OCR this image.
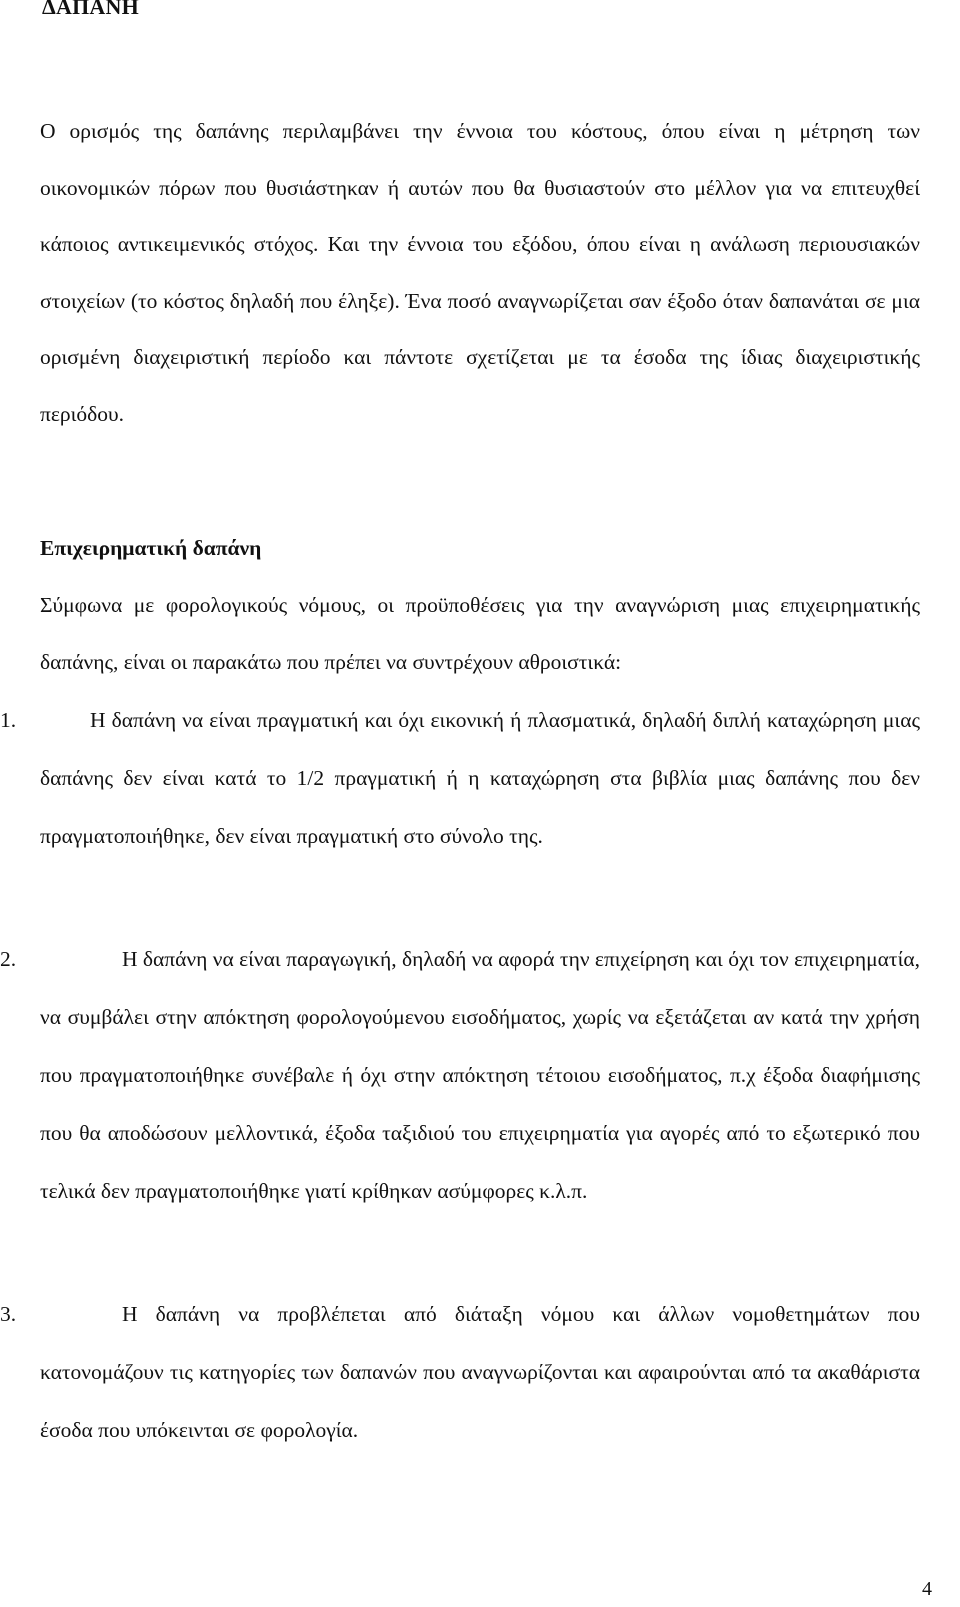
ΔΑΠΑΝΗ

Ο ορισμός της δαπάνης περιλαμβάνει την έννοια του κόστους, όπου είναι η μέτρηση των οικονομικών πόρων που θυσιάστηκαν ή αυτών που θα θυσιαστούν στο μέλλον για να επιτευχθεί κάποιος αντικειμενικός στόχος. Και την έννοια του εξόδου, όπου είναι η ανάλωση περιουσιακών στοιχείων (το κόστος δηλαδή που έληξε). Ένα ποσό αναγνωρίζεται σαν έξοδο όταν δαπανάται σε μια ορισμένη διαχειριστική περίοδο και πάντοτε σχετίζεται με τα έσοδα της ίδιας διαχειριστικής περιόδου.

Επιχειρηματική δαπάνη

Σύμφωνα με φορολογικούς νόμους, οι προϋποθέσεις για την αναγνώριση μιας επιχειρηματικής δαπάνης, είναι οι παρακάτω που πρέπει να συντρέχουν αθροιστικά:

1.	Η δαπάνη να είναι πραγματική και όχι εικονική ή πλασματικά, δηλαδή διπλή καταχώρηση μιας δαπάνης δεν είναι κατά το 1/2 πραγματική ή η καταχώρηση στα βιβλία μιας δαπάνης που δεν πραγματοποιήθηκε, δεν είναι πραγματική στο σύνολο της.
2.	Η δαπάνη να είναι παραγωγική, δηλαδή να αφορά την επιχείρηση και όχι τον επιχειρηματία, να συμβάλει στην απόκτηση φορολογούμενου εισοδήματος, χωρίς να εξετάζεται αν κατά την χρήση που πραγματοποιήθηκε συνέβαλε ή όχι στην απόκτηση τέτοιου εισοδήματος, π.χ έξοδα διαφήμισης που θα αποδώσουν μελλοντικά, έξοδα ταξιδιού του επιχειρηματία για αγορές από το εξωτερικό που τελικά δεν πραγματοποιήθηκε γιατί κρίθηκαν ασύμφορες κ.λ.π.
3.	Η δαπάνη να προβλέπεται από διάταξη νόμου και άλλων νομοθετημάτων που κατονομάζουν τις κατηγορίες των δαπανών που αναγνωρίζονται και αφαιρούνται από τα ακαθάριστα έσοδα που υπόκεινται σε φορολογία.

4
